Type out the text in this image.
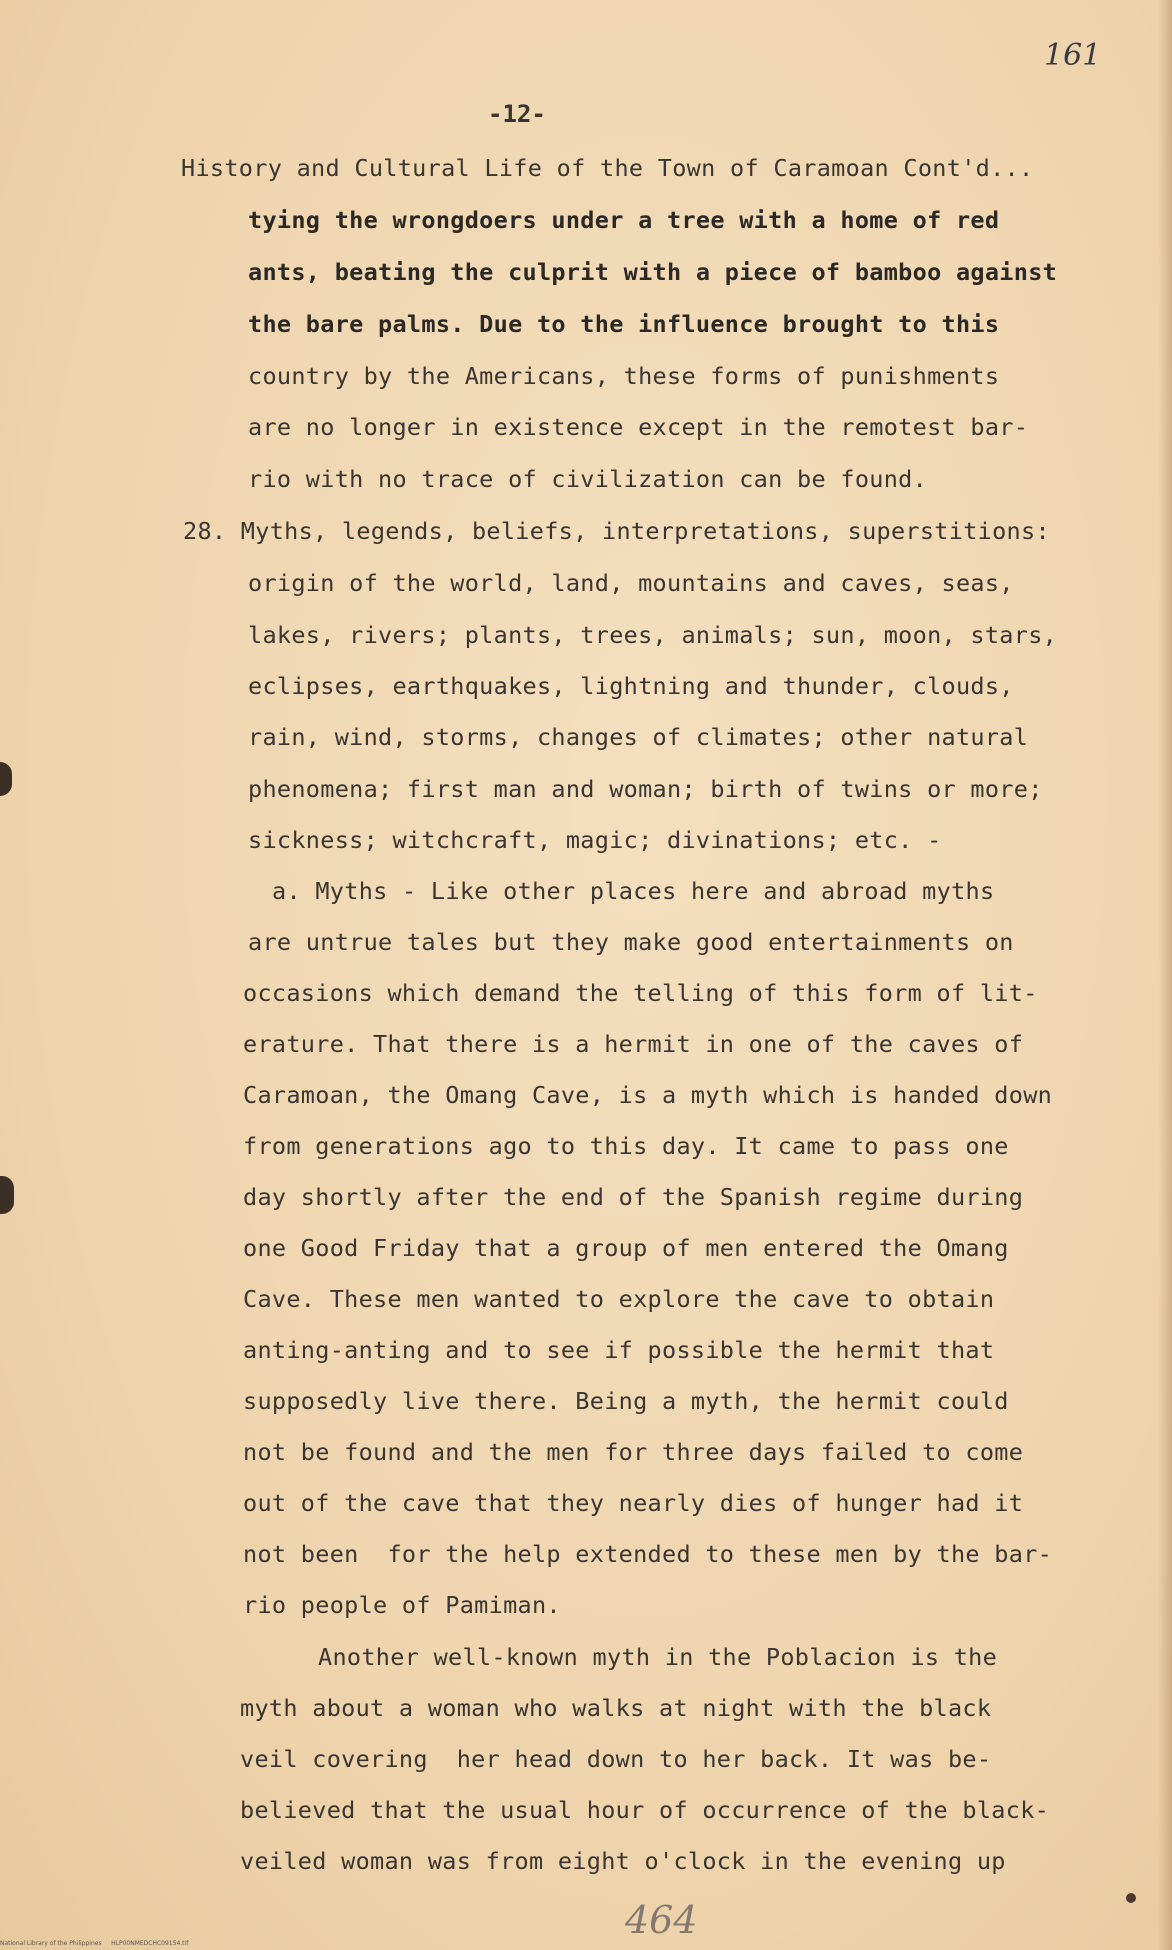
161
-12-
History and Cultural Life of the Town of Caramoan Cont'd...
tying the wrongdoers under a tree with a home of red
ants, beating the culprit with a piece of bamboo against
the bare palms. Due to the influence brought to this
country by the Americans, these forms of punishments
are no longer in existence except in the remotest bar-
rio with no trace of civilization can be found.
28. Myths, legends, beliefs, interpretations, superstitions:
origin of the world, land, mountains and caves, seas,
lakes, rivers; plants, trees, animals; sun, moon, stars,
eclipses, earthquakes, lightning and thunder, clouds,
rain, wind, storms, changes of climates; other natural
phenomena; first man and woman; birth of twins or more;
sickness; witchcraft, magic; divinations; etc. -
a. Myths - Like other places here and abroad myths
are untrue tales but they make good entertainments on
occasions which demand the telling of this form of lit-
erature. That there is a hermit in one of the caves of
Caramoan, the Omang Cave, is a myth which is handed down
from generations ago to this day. It came to pass one
day shortly after the end of the Spanish regime during
one Good Friday that a group of men entered the Omang
Cave. These men wanted to explore the cave to obtain
anting-anting and to see if possible the hermit that
supposedly live there. Being a myth, the hermit could
not be found and the men for three days failed to come
out of the cave that they nearly dies of hunger had it
not been  for the help extended to these men by the bar-
rio people of Pamiman.
Another well-known myth in the Poblacion is the
myth about a woman who walks at night with the black
veil covering  her head down to her back. It was be-
believed that the usual hour of occurrence of the black-
veiled woman was from eight o'clock in the evening up
464
National Library of the Philippines     HLP00NMEDCHC09154.tif
